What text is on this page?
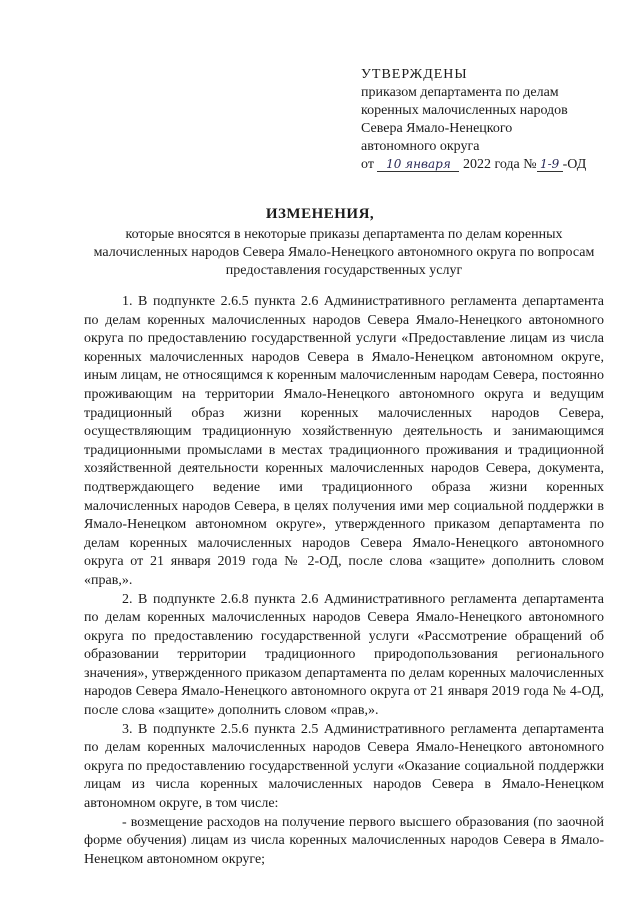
УТВЕРЖДЕНЫ
приказом департамента по делам
коренных малочисленных народов
Севера Ямало-Ненецкого
автономного округа
от 10 января 2022 года № 1-9 -ОД
ИЗМЕНЕНИЯ,
которые вносятся в некоторые приказы департамента по делам коренных малочисленных народов Севера Ямало-Ненецкого автономного округа по вопросам предоставления государственных услуг

1. В подпункте 2.6.5 пункта 2.6 Административного регламента департамента по делам коренных малочисленных народов Севера Ямало-Ненецкого автономного округа по предоставлению государственной услуги «Предоставление лицам из числа коренных малочисленных народов Севера в Ямало-Ненецком автономном округе, иным лицам, не относящимся к коренным малочисленным народам Севера, постоянно проживающим на территории Ямало-Ненецкого автономного округа и ведущим традиционный образ жизни коренных малочисленных народов Севера, осуществляющим традиционную хозяйственную деятельность и занимающимся традиционными промыслами в местах традиционного проживания и традиционной хозяйственной деятельности коренных малочисленных народов Севера, документа, подтверждающего ведение ими традиционного образа жизни коренных малочисленных народов Севера, в целях получения ими мер социальной поддержки в Ямало-Ненецком автономном округе», утвержденного приказом департамента по делам коренных малочисленных народов Севера Ямало-Ненецкого автономного округа от 21 января 2019 года № 2-ОД, после слова «защите» дополнить словом «прав,».

2. В подпункте 2.6.8 пункта 2.6 Административного регламента департамента по делам коренных малочисленных народов Севера Ямало-Ненецкого автономного округа по предоставлению государственной услуги «Рассмотрение обращений об образовании территории традиционного природопользования регионального значения», утвержденного приказом департамента по делам коренных малочисленных народов Севера Ямало-Ненецкого автономного округа от 21 января 2019 года № 4-ОД, после слова «защите» дополнить словом «прав,».

3. В подпункте 2.5.6 пункта 2.5 Административного регламента департамента по делам коренных малочисленных народов Севера Ямало-Ненецкого автономного округа по предоставлению государственной услуги «Оказание социальной поддержки лицам из числа коренных малочисленных народов Севера в Ямало-Ненецком автономном округе, в том числе:

- возмещение расходов на получение первого высшего образования (по заочной форме обучения) лицам из числа коренных малочисленных народов Севера в Ямало-Ненецком автономном округе;
